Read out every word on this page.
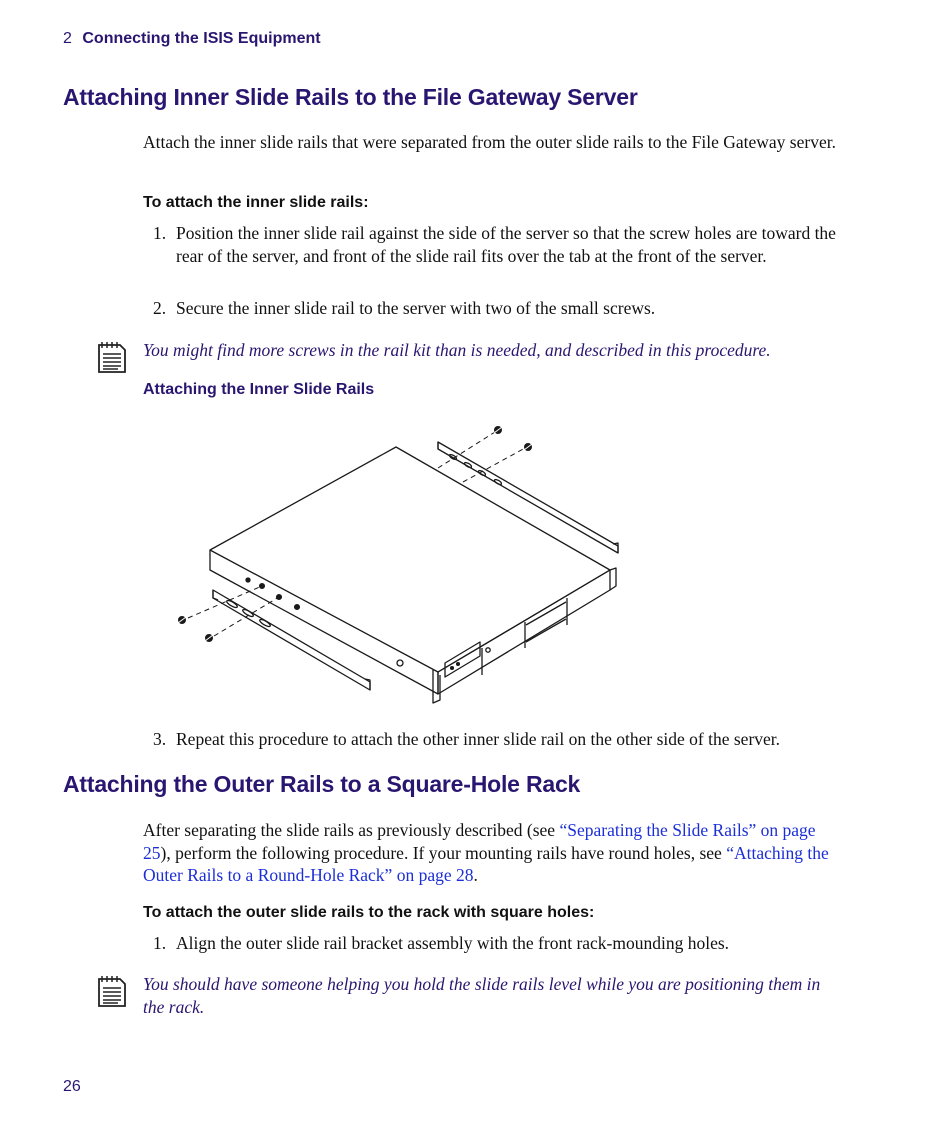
2 Connecting the ISIS Equipment
Attaching Inner Slide Rails to the File Gateway Server

Attach the inner slide rails that were separated from the outer slide rails to the File Gateway server.

To attach the inner slide rails:
1. Position the inner slide rail against the side of the server so that the screw holes are toward the rear of the server, and front of the slide rail fits over the tab at the front of the server.
2. Secure the inner slide rail to the server with two of the small screws.
You might find more screws in the rail kit than is needed, and described in this procedure.
Attaching the Inner Slide Rails
3. Repeat this procedure to attach the other inner slide rail on the other side of the server.
Attaching the Outer Rails to a Square-Hole Rack

After separating the slide rails as previously described (see “Separating the Slide Rails” on page 25), perform the following procedure. If your mounting rails have round holes, see “Attaching the Outer Rails to a Round-Hole Rack” on page 28.

To attach the outer slide rails to the rack with square holes:
1. Align the outer slide rail bracket assembly with the front rack-mounding holes.
You should have someone helping you hold the slide rails level while you are positioning them in the rack.
26
